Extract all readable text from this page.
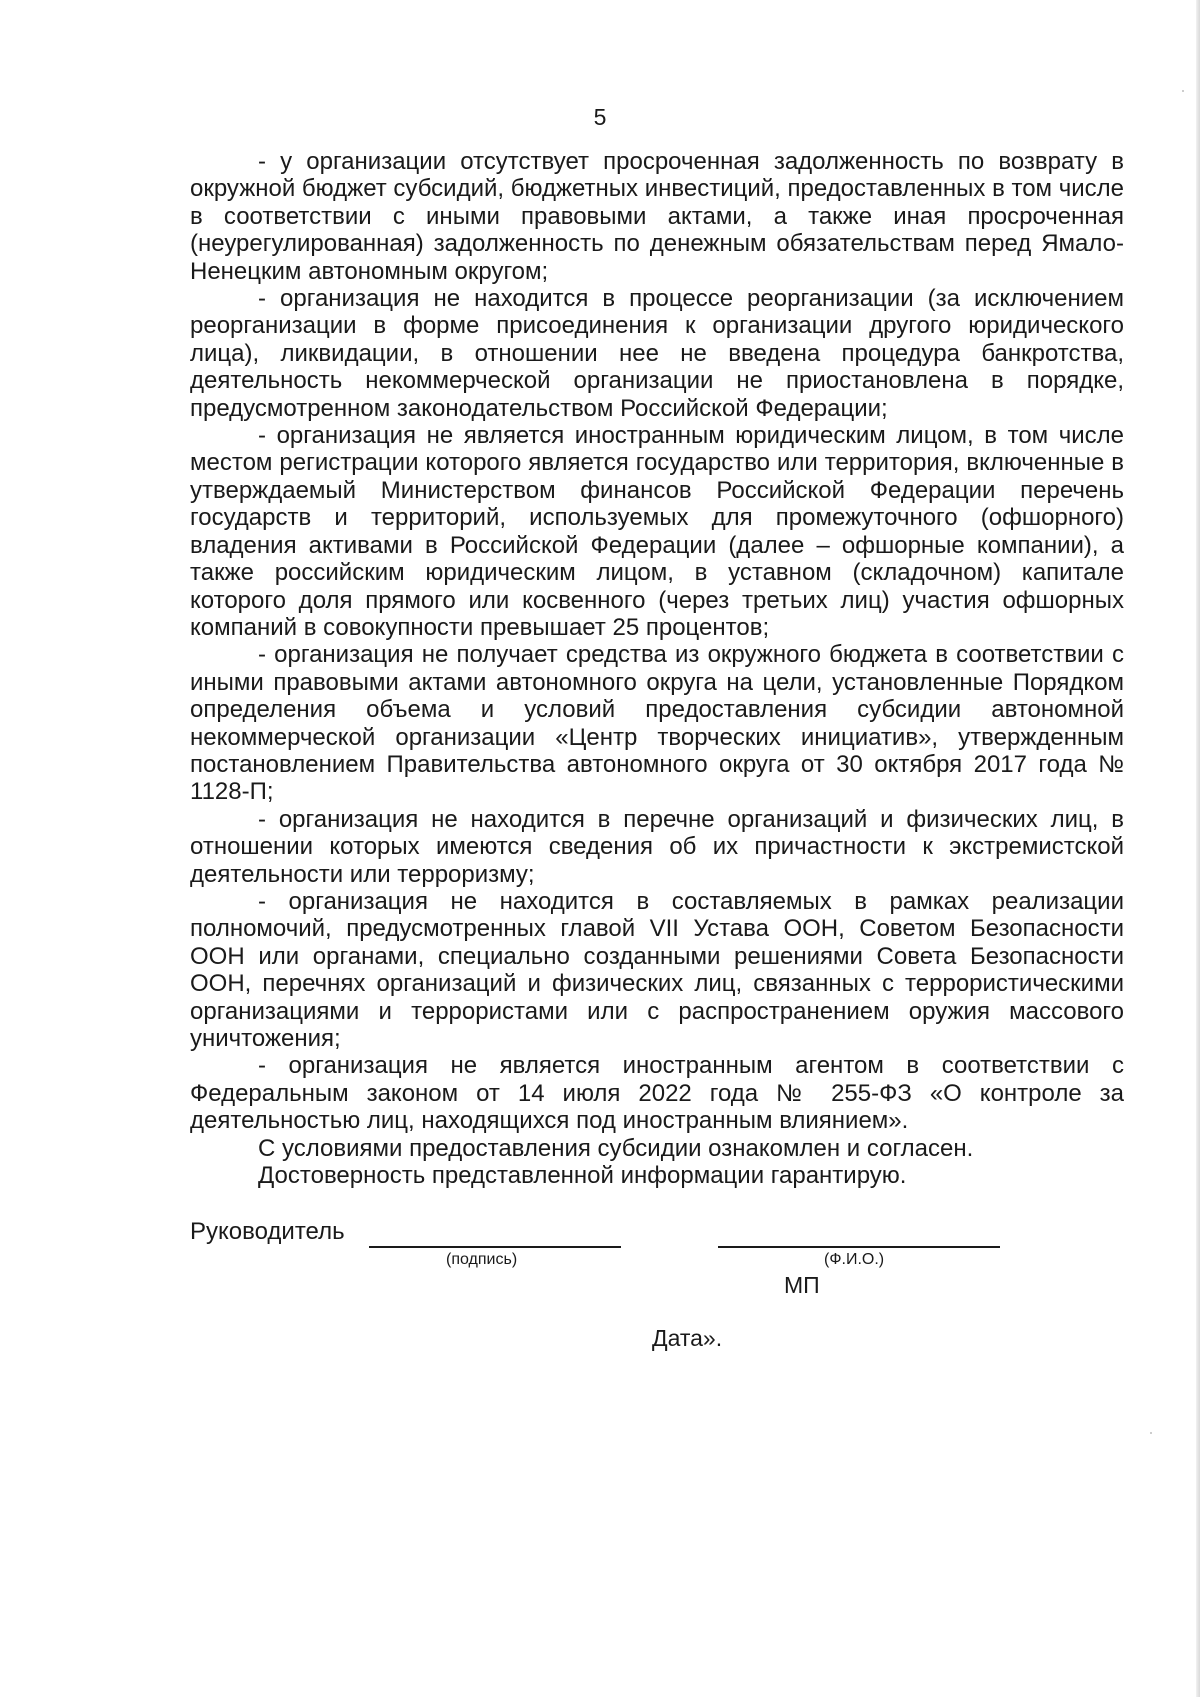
5

- у организации отсутствует просроченная задолженность по возврату в окружной бюджет субсидий, бюджетных инвестиций, предоставленных в том числе в соответствии с иными правовыми актами, а также иная просроченная (неурегулированная) задолженность по денежным обязательствам перед Ямало-Ненецким автономным округом;

- организация не находится в процессе реорганизации (за исключением реорганизации в форме присоединения к организации другого юридического лица), ликвидации, в отношении нее не введена процедура банкротства, деятельность некоммерческой организации не приостановлена в порядке, предусмотренном законодательством Российской Федерации;

- организация не является иностранным юридическим лицом, в том числе местом регистрации которого является государство или территория, включенные в утверждаемый Министерством финансов Российской Федерации перечень государств и территорий, используемых для промежуточного (офшорного) владения активами в Российской Федерации (далее – офшорные компании), а также российским юридическим лицом, в уставном (складочном) капитале которого доля прямого или косвенного (через третьих лиц) участия офшорных компаний в совокупности превышает 25 процентов;

- организация не получает средства из окружного бюджета в соответствии с иными правовыми актами автономного округа на цели, установленные Порядком определения объема и условий предоставления субсидии автономной некоммерческой организации «Центр творческих инициатив», утвержденным постановлением Правительства автономного округа от 30 октября 2017 года № 1128-П;

- организация не находится в перечне организаций и физических лиц, в отношении которых имеются сведения об их причастности к экстремистской деятельности или терроризму;

- организация не находится в составляемых в рамках реализации полномочий, предусмотренных главой VII Устава ООН, Советом Безопасности ООН или органами, специально созданными решениями Совета Безопасности ООН, перечнях организаций и физических лиц, связанных с террористическими организациями и террористами или с распространением оружия массового уничтожения;

- организация не является иностранным агентом в соответствии с Федеральным законом от 14 июля 2022 года № 255-ФЗ «О контроле за деятельностью лиц, находящихся под иностранным влиянием».

С условиями предоставления субсидии ознакомлен и согласен.

Достоверность представленной информации гарантирую.

Руководитель
(подпись)	(Ф.И.О.)
МП
Дата».
